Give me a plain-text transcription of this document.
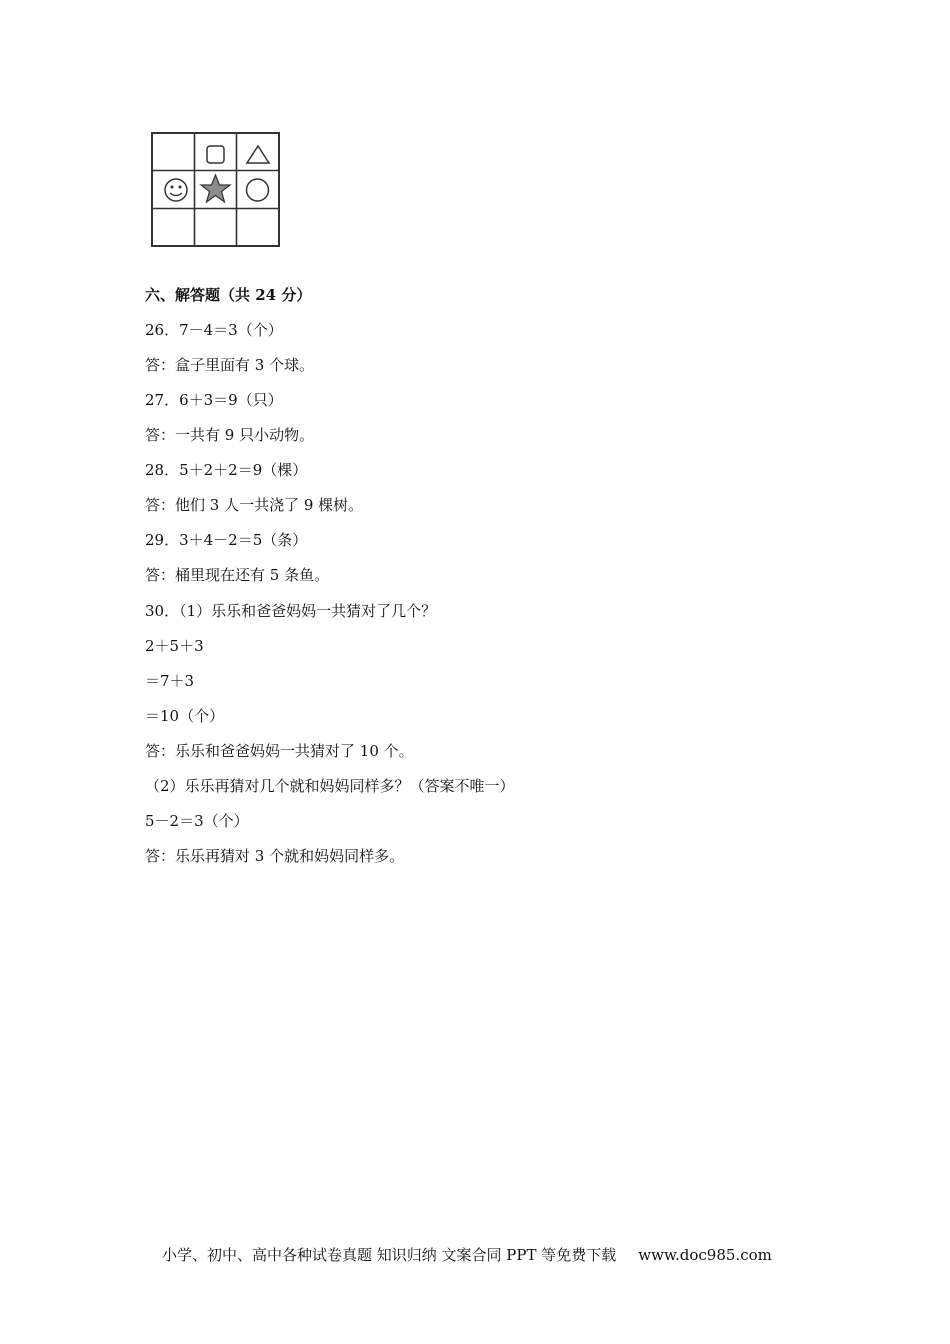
六、解答题（共 24 分）
26．7－4＝3（个）
答：盒子里面有 3 个球。
27．6＋3＝9（只）
答：一共有 9 只小动物。
28．5＋2＋2＝9（棵）
答：他们 3 人一共浇了 9 棵树。
29．3＋4－2＝5（条）
答：桶里现在还有 5 条鱼。
30．（1）乐乐和爸爸妈妈一共猜对了几个？
2＋5＋3
＝7＋3
＝10（个）
答：乐乐和爸爸妈妈一共猜对了 10 个。
（2）乐乐再猜对几个就和妈妈同样多？（答案不唯一）
5－2＝3（个）
答：乐乐再猜对 3 个就和妈妈同样多。
小学、初中、高中各种试卷真题 知识归纳 文案合同 PPT 等免费下载 www.doc985.com
